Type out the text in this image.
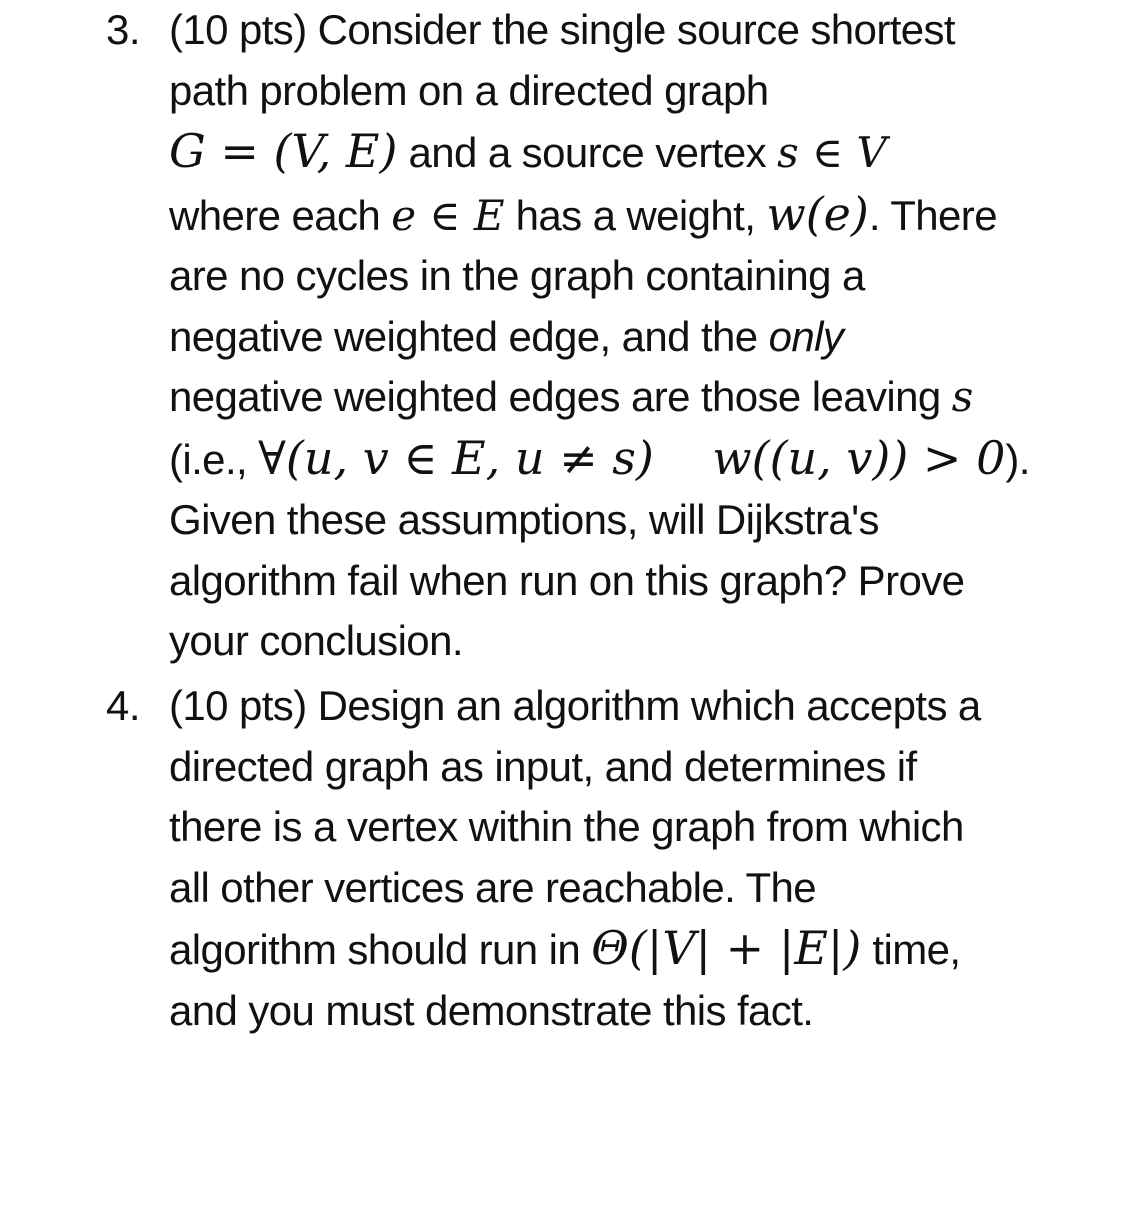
3. (10 pts) Consider the single source shortest
path problem on a directed graph
G = (V, E) and a source vertex s ∈ V
where each e ∈ E has a weight, w(e). There
are no cycles in the graph containing a
negative weighted edge, and the only
negative weighted edges are those leaving s
(i.e., ∀(u, v ∈ E, u ≠ s)    w((u, v)) > 0).
Given these assumptions, will Dijkstra's
algorithm fail when run on this graph? Prove
your conclusion.
4. (10 pts) Design an algorithm which accepts a
directed graph as input, and determines if
there is a vertex within the graph from which
all other vertices are reachable. The
algorithm should run in Θ(|V| + |E|) time,
and you must demonstrate this fact.
